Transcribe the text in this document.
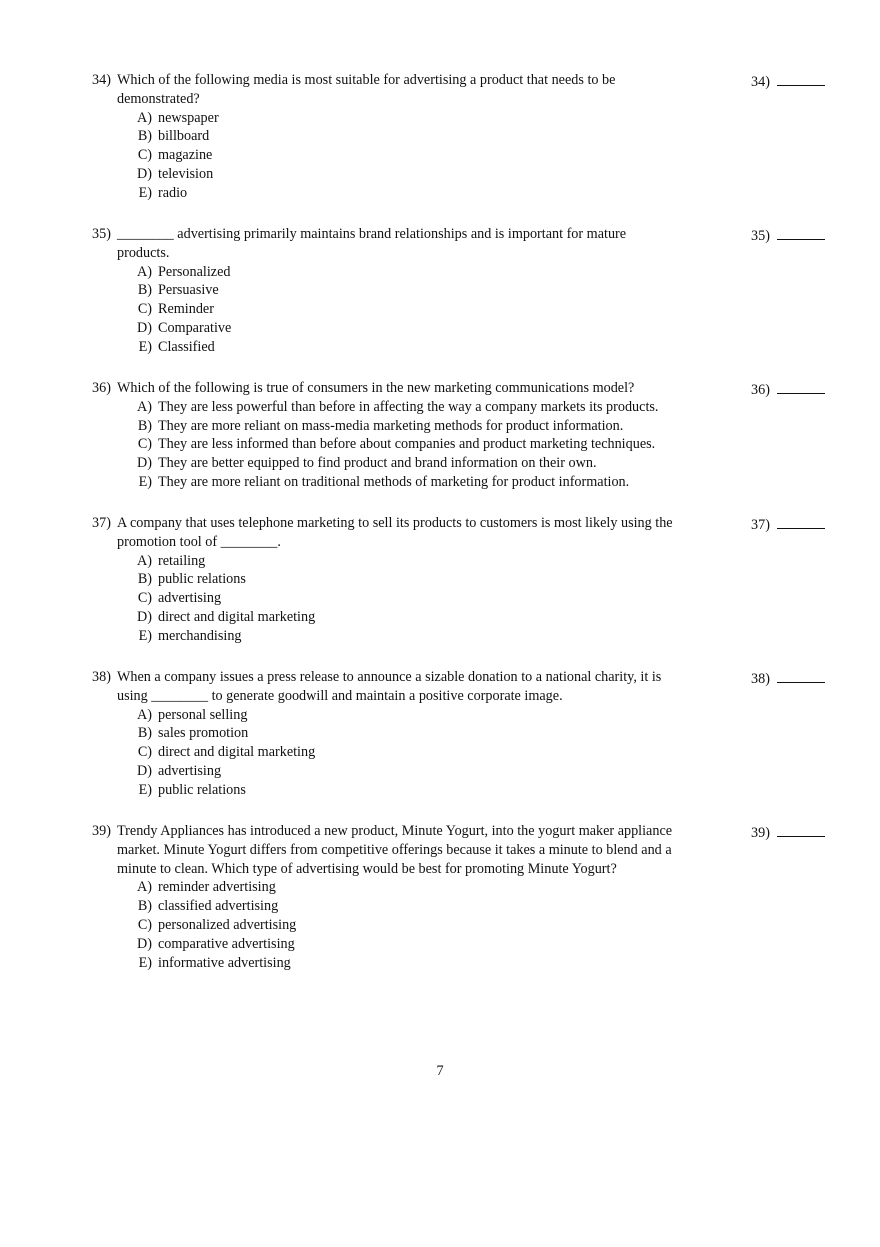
34) Which of the following media is most suitable for advertising a product that needs to be demonstrated?
34)
A) newspaper
B) billboard
C) magazine
D) television
E) radio
35) ________ advertising primarily maintains brand relationships and is important for mature products.
35)
A) Personalized
B) Persuasive
C) Reminder
D) Comparative
E) Classified
36) Which of the following is true of consumers in the new marketing communications model?	36)
A) They are less powerful than before in affecting the way a company markets its products.
B) They are more reliant on mass-media marketing methods for product information.
C) They are less informed than before about companies and product marketing techniques.
D) They are better equipped to find product and brand information on their own.
E) They are more reliant on traditional methods of marketing for product information.
37) A company that uses telephone marketing to sell its products to customers is most likely using the promotion tool of ________.
37)
A) retailing
B) public relations
C) advertising
D) direct and digital marketing
E) merchandising
38) When a company issues a press release to announce a sizable donation to a national charity, it is using ________ to generate goodwill and maintain a positive corporate image.
38)
A) personal selling
B) sales promotion
C) direct and digital marketing
D) advertising
E) public relations
39) Trendy Appliances has introduced a new product, Minute Yogurt, into the yogurt maker appliance market. Minute Yogurt differs from competitive offerings because it takes a minute to blend and a minute to clean. Which type of advertising would be best for promoting Minute Yogurt?
39)
A) reminder advertising
B) classified advertising
C) personalized advertising
D) comparative advertising
E) informative advertising
7
